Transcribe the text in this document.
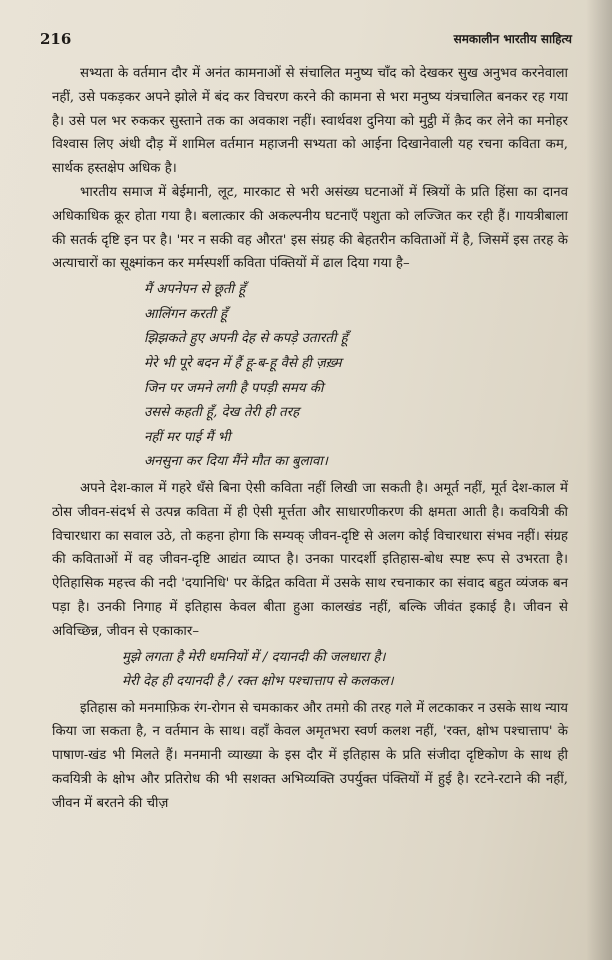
216	समकालीन भारतीय साहित्य

सभ्यता के वर्तमान दौर में अनंत कामनाओं से संचालित मनुष्य चाँद को देखकर सुख अनुभव करनेवाला नहीं, उसे पकड़कर अपने झोले में बंद कर विचरण करने की कामना से भरा मनुष्य यंत्रचालित बनकर रह गया है। उसे पल भर रुककर सुस्ताने तक का अवकाश नहीं। स्वार्थवश दुनिया को मुट्ठी में क़ैद कर लेने का मनोहर विश्वास लिए अंधी दौड़ में शामिल वर्तमान महाजनी सभ्यता को आईना दिखानेवाली यह रचना कविता कम, सार्थक हस्तक्षेप अधिक है।

भारतीय समाज में बेईमानी, लूट, मारकाट से भरी असंख्य घटनाओं में स्त्रियों के प्रति हिंसा का दानव अधिकाधिक क्रूर होता गया है। बलात्कार की अकल्पनीय घटनाएँ पशुता को लज्जित कर रही हैं। गायत्रीबाला की सतर्क दृष्टि इन पर है। 'मर न सकी वह औरत' इस संग्रह की बेहतरीन कविताओं में है, जिसमें इस तरह के अत्याचारों का सूक्ष्मांकन कर मर्मस्पर्शी कविता पंक्तियों में ढाल दिया गया है–

मैं अपनेपन से छूती हूँ
आलिंगन करती हूँ
झिझकते हुए अपनी देह से कपड़े उतारती हूँ
मेरे भी पूरे बदन में हैं हू-ब-हू वैसे ही ज़ख़्म
जिन पर जमने लगी है पपड़ी समय की
उससे कहती हूँ, देख तेरी ही तरह
नहीं मर पाई मैं भी
अनसुना कर दिया मैंने मौत का बुलावा।

अपने देश-काल में गहरे धँसे बिना ऐसी कविता नहीं लिखी जा सकती है। अमूर्त नहीं, मूर्त देश-काल में ठोस जीवन-संदर्भ से उत्पन्न कविता में ही ऐसी मूर्त्तता और साधारणीकरण की क्षमता आती है। कवयित्री की विचारधारा का सवाल उठे, तो कहना होगा कि सम्यक् जीवन-दृष्टि से अलग कोई विचारधारा संभव नहीं। संग्रह की कविताओं में वह जीवन-दृष्टि आद्यंत व्याप्त है। उनका पारदर्शी इतिहास-बोध स्पष्ट रूप से उभरता है। ऐतिहासिक महत्त्व की नदी 'दयानिधि' पर केंद्रित कविता में उसके साथ रचनाकार का संवाद बहुत व्यंजक बन पड़ा है। उनकी निगाह में इतिहास केवल बीता हुआ कालखंड नहीं, बल्कि जीवंत इकाई है। जीवन से अविच्छिन्न, जीवन से एकाकार–

मुझे लगता है मेरी धमनियों में / दयानदी की जलधारा है।
मेरी देह ही दयानदी है / रक्त क्षोभ पश्चात्ताप से कलकल।

इतिहास को मनमाफ़िक रंग-रोगन से चमकाकर और तमग़े की तरह गले में लटकाकर न उसके साथ न्याय किया जा सकता है, न वर्तमान के साथ। वहाँ केवल अमृतभरा स्वर्ण कलश नहीं, 'रक्त, क्षोभ पश्चात्ताप' के पाषाण-खंड भी मिलते हैं। मनमानी व्याख्या के इस दौर में इतिहास के प्रति संजीदा दृष्टिकोण के साथ ही कवयित्री के क्षोभ और प्रतिरोध की भी सशक्त अभिव्यक्ति उपर्युक्त पंक्तियों में हुई है। रटने-रटाने की नहीं, जीवन में बरतने की चीज़
